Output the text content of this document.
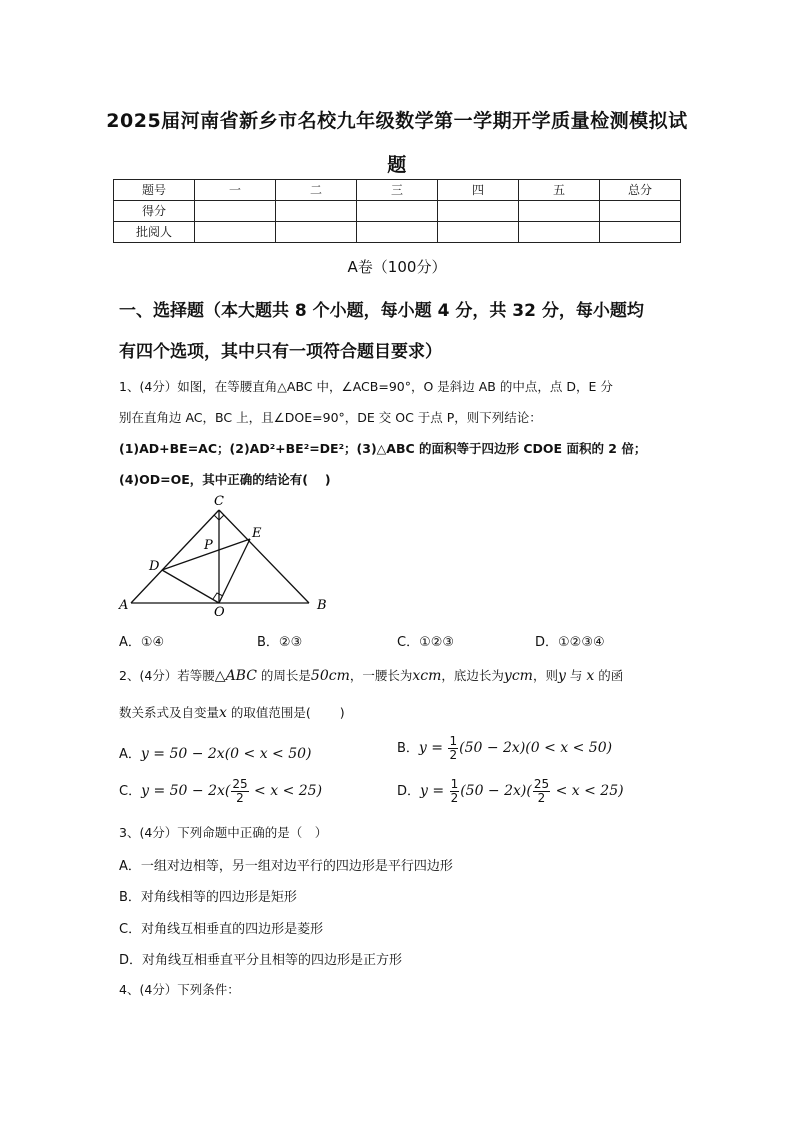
2025届河南省新乡市名校九年级数学第一学期开学质量检测模拟试
题
题号	一	二	三	四	五	总分
得分						
批阅人						
A卷（100分）
一、选择题（本大题共 8 个小题，每小题 4 分，共 32 分，每小题均
有四个选项，其中只有一项符合题目要求）
1、(4分）如图，在等腰直角△ABC 中，∠ACB=90°，O 是斜边 AB 的中点，点 D，E 分
别在直角边 AC，BC 上，且∠DOE=90°，DE 交 OC 于点 P，则下列结论：
(1)AD+BE=AC；(2)AD²+BE²=DE²；(3)△ABC 的面积等于四边形 CDOE 面积的 2 倍；
(4)OD=OE，其中正确的结论有(　 )
C
E
P
D
A	O	B
A．①④	B．②③	C．①②③	D．①②③④
2、(4分）若等腰△ABC 的周长是50cm，一腰长为xcm，底边长为ycm，则y 与 x 的函
数关系式及自变量x 的取值范围是(　　 )
A．y = 50 − 2x(0 < x < 50)	B．$y = \frac{1}{2} (50 - 2x)(0 < x < 50)$
C．$y = 50 - 2x( \frac{25}{2} < x < 25)$	D．$y = \frac{1}{2} (50 - 2x)( \frac{25}{2} < x < 25)$
3、(4分）下列命题中正确的是（　）
A．一组对边相等，另一组对边平行的四边形是平行四边形
B．对角线相等的四边形是矩形
C．对角线互相垂直的四边形是菱形
D．对角线互相垂直平分且相等的四边形是正方形
4、(4分）下列条件：
